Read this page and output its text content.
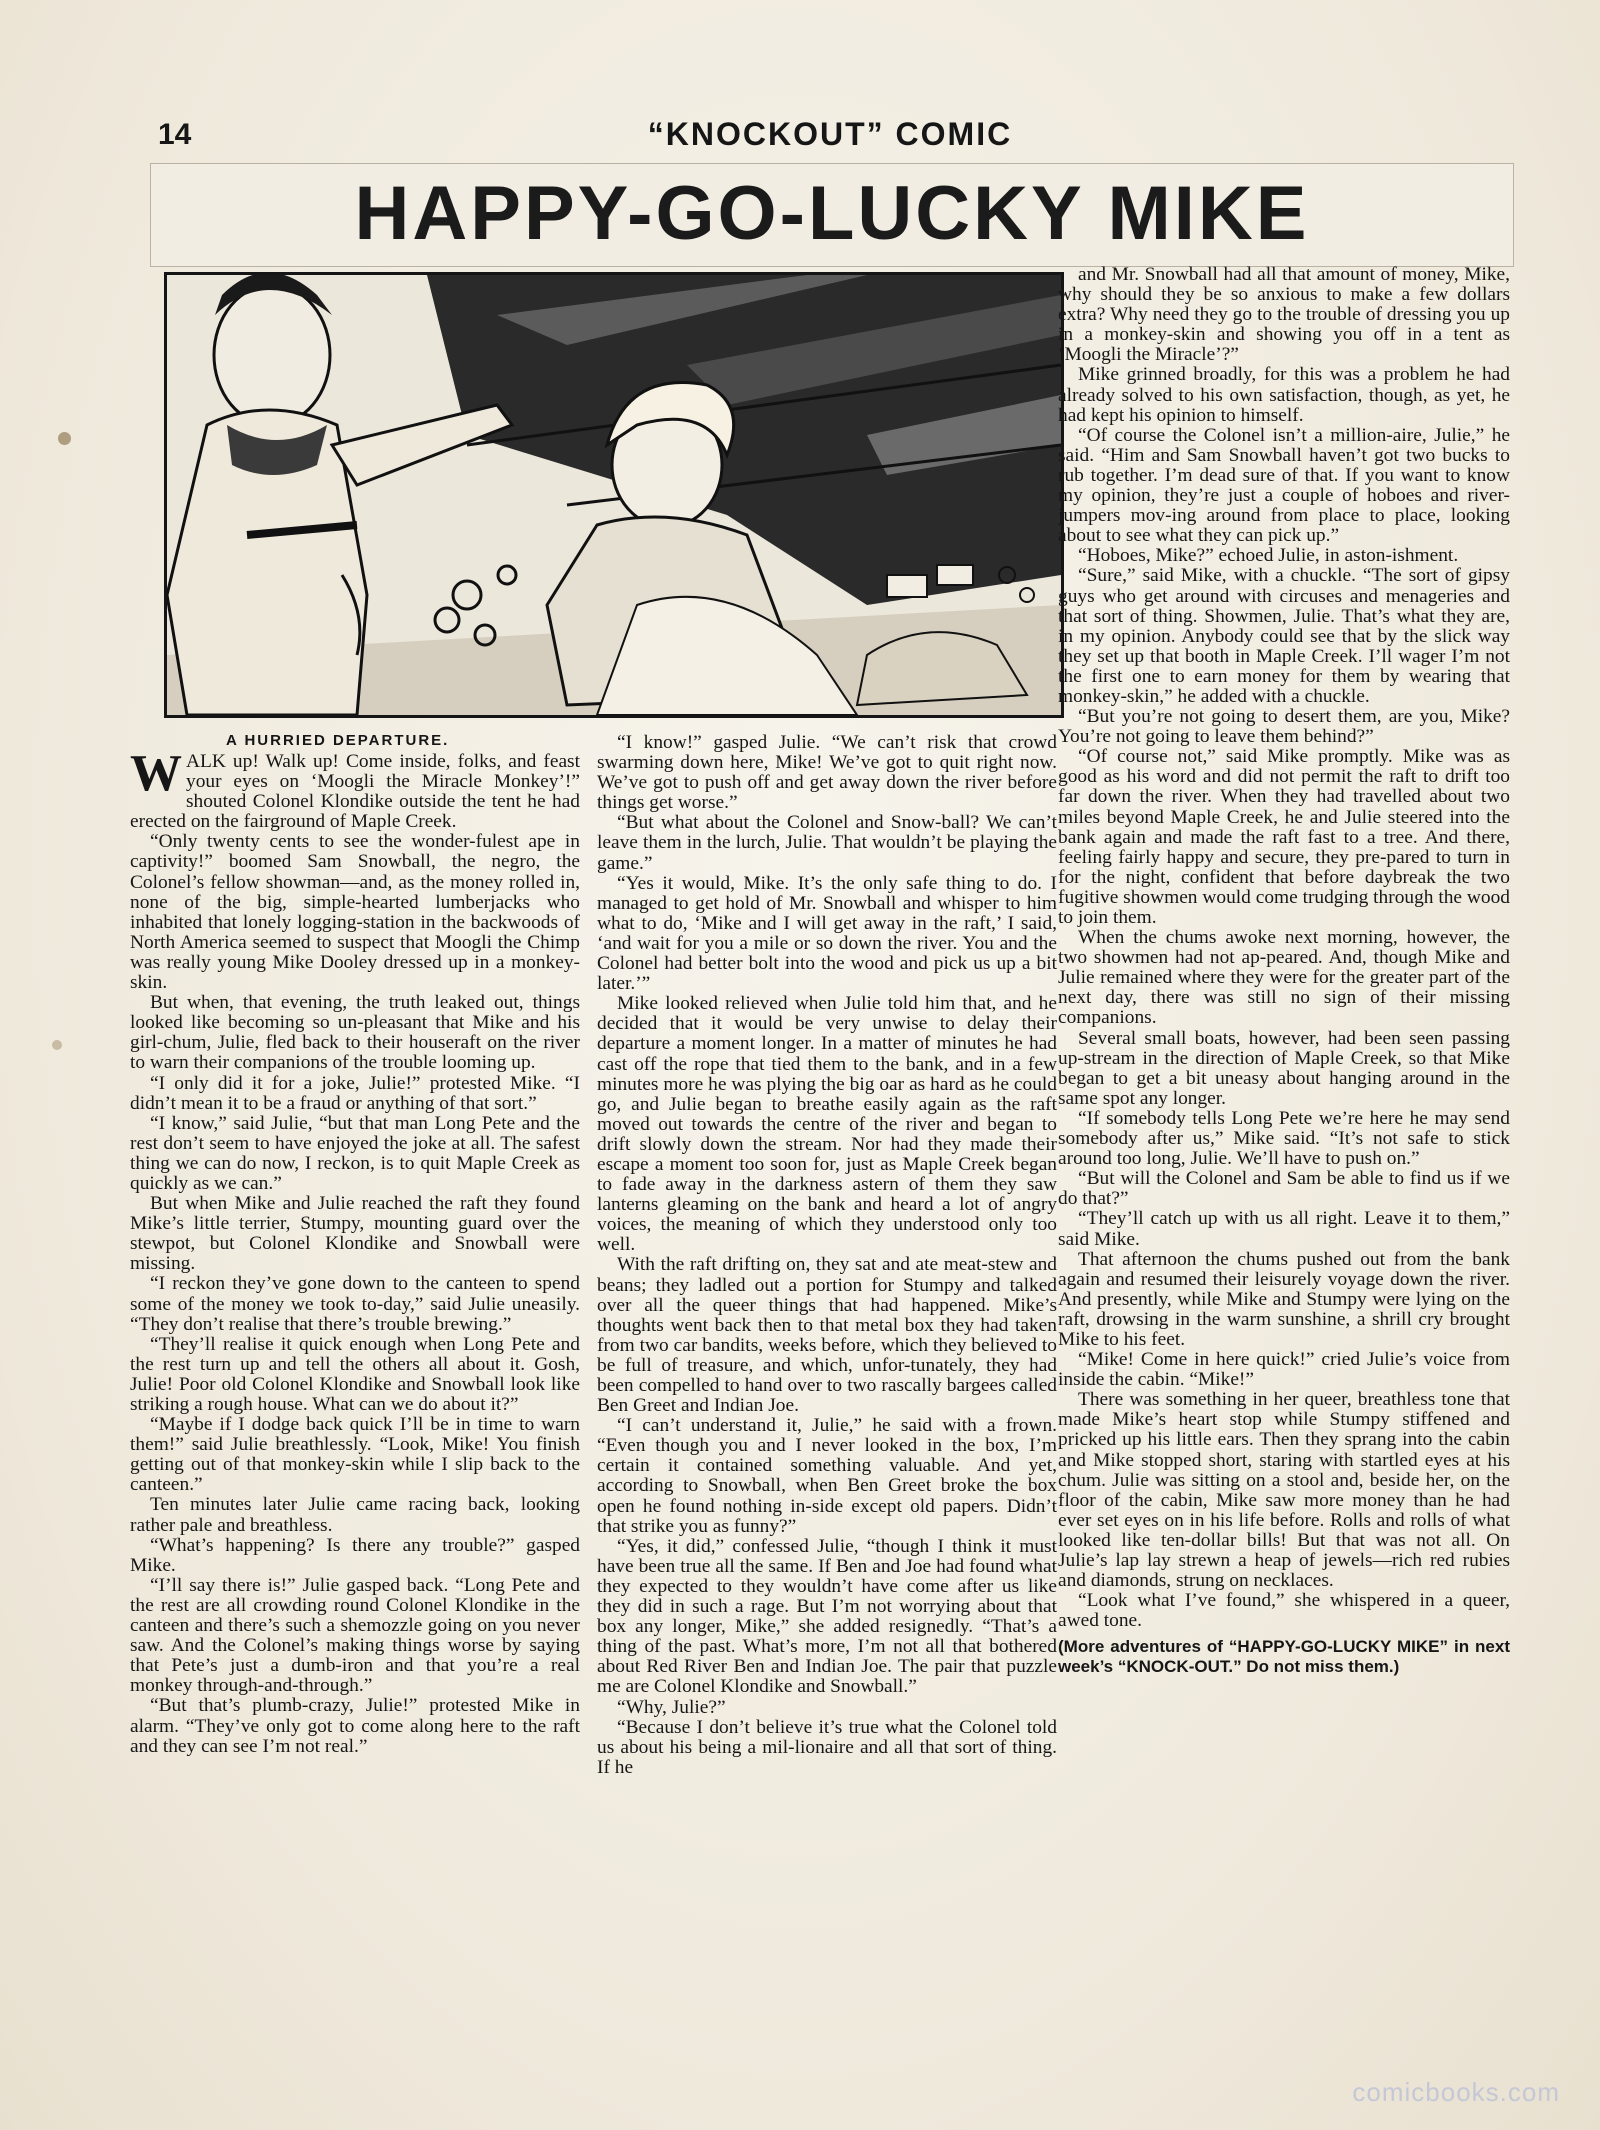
14	“KNOCKOUT” COMIC
HAPPY-GO-LUCKY MIKE
A HURRIED DEPARTURE.

WALK up! Walk up! Come inside, folks, and feast your eyes on ‘Moogli the Miracle Monkey’!” shouted Colonel Klondike outside the tent he had erected on the fairground of Maple Creek.

“Only twenty cents to see the wonder-fulest ape in captivity!” boomed Sam Snowball, the negro, the Colonel’s fellow showman—and, as the money rolled in, none of the big, simple-hearted lumberjacks who inhabited that lonely logging-station in the backwoods of North America seemed to suspect that Moogli the Chimp was really young Mike Dooley dressed up in a monkey-skin.

But when, that evening, the truth leaked out, things looked like becoming so un-pleasant that Mike and his girl-chum, Julie, fled back to their houseraft on the river to warn their companions of the trouble looming up.

“I only did it for a joke, Julie!” protested Mike. “I didn’t mean it to be a fraud or anything of that sort.”

“I know,” said Julie, “but that man Long Pete and the rest don’t seem to have enjoyed the joke at all. The safest thing we can do now, I reckon, is to quit Maple Creek as quickly as we can.”

But when Mike and Julie reached the raft they found Mike’s little terrier, Stumpy, mounting guard over the stewpot, but Colonel Klondike and Snowball were missing.

“I reckon they’ve gone down to the canteen to spend some of the money we took to-day,” said Julie uneasily. “They don’t realise that there’s trouble brewing.”

“They’ll realise it quick enough when Long Pete and the rest turn up and tell the others all about it. Gosh, Julie! Poor old Colonel Klondike and Snowball look like striking a rough house. What can we do about it?”

“Maybe if I dodge back quick I’ll be in time to warn them!” said Julie breathlessly. “Look, Mike! You finish getting out of that monkey-skin while I slip back to the canteen.”

Ten minutes later Julie came racing back, looking rather pale and breathless.

“What’s happening? Is there any trouble?” gasped Mike.

“I’ll say there is!” Julie gasped back. “Long Pete and the rest are all crowding round Colonel Klondike in the canteen and there’s such a shemozzle going on you never saw. And the Colonel’s making things worse by saying that Pete’s just a dumb-iron and that you’re a real monkey through-and-through.”

“But that’s plumb-crazy, Julie!” protested Mike in alarm. “They’ve only got to come along here to the raft and they can see I’m not real.”

“I know!” gasped Julie. “We can’t risk that crowd swarming down here, Mike! We’ve got to quit right now. We’ve got to push off and get away down the river before things get worse.”

“But what about the Colonel and Snow-ball? We can’t leave them in the lurch, Julie. That wouldn’t be playing the game.”

“Yes it would, Mike. It’s the only safe thing to do. I managed to get hold of Mr. Snowball and whisper to him what to do, ‘Mike and I will get away in the raft,’ I said, ‘and wait for you a mile or so down the river. You and the Colonel had better bolt into the wood and pick us up a bit later.’”

Mike looked relieved when Julie told him that, and he decided that it would be very unwise to delay their departure a moment longer. In a matter of minutes he had cast off the rope that tied them to the bank, and in a few minutes more he was plying the big oar as hard as he could go, and Julie began to breathe easily again as the raft moved out towards the centre of the river and began to drift slowly down the stream. Nor had they made their escape a moment too soon for, just as Maple Creek began to fade away in the darkness astern of them they saw lanterns gleaming on the bank and heard a lot of angry voices, the meaning of which they understood only too well.

With the raft drifting on, they sat and ate meat-stew and beans; they ladled out a portion for Stumpy and talked over all the queer things that had happened. Mike’s thoughts went back then to that metal box they had taken from two car bandits, weeks before, which they believed to be full of treasure, and which, unfor-tunately, they had been compelled to hand over to two rascally bargees called Ben Greet and Indian Joe.

“I can’t understand it, Julie,” he said with a frown. “Even though you and I never looked in the box, I’m certain it contained something valuable. And yet, according to Snowball, when Ben Greet broke the box open he found nothing in-side except old papers. Didn’t that strike you as funny?”

“Yes, it did,” confessed Julie, “though I think it must have been true all the same. If Ben and Joe had found what they expected to they wouldn’t have come after us like they did in such a rage. But I’m not worrying about that box any longer, Mike,” she added resignedly. “That’s a thing of the past. What’s more, I’m not all that bothered about Red River Ben and Indian Joe. The pair that puzzle me are Colonel Klondike and Snowball.”

“Why, Julie?”

“Because I don’t believe it’s true what the Colonel told us about his being a mil-lionaire and all that sort of thing. If he

and Mr. Snowball had all that amount of money, Mike, why should they be so anxious to make a few dollars extra? Why need they go to the trouble of dressing you up in a monkey-skin and showing you off in a tent as ‘Moogli the Miracle’?”

Mike grinned broadly, for this was a problem he had already solved to his own satisfaction, though, as yet, he had kept his opinion to himself.

“Of course the Colonel isn’t a million-aire, Julie,” he said. “Him and Sam Snowball haven’t got two bucks to rub together. I’m dead sure of that. If you want to know my opinion, they’re just a couple of hoboes and river-jumpers mov-ing around from place to place, looking about to see what they can pick up.”

“Hoboes, Mike?” echoed Julie, in aston-ishment.

“Sure,” said Mike, with a chuckle. “The sort of gipsy guys who get around with circuses and menageries and that sort of thing. Showmen, Julie. That’s what they are, in my opinion. Anybody could see that by the slick way they set up that booth in Maple Creek. I’ll wager I’m not the first one to earn money for them by wearing that monkey-skin,” he added with a chuckle.

“But you’re not going to desert them, are you, Mike? You’re not going to leave them behind?”

“Of course not,” said Mike promptly. Mike was as good as his word and did not permit the raft to drift too far down the river. When they had travelled about two miles beyond Maple Creek, he and Julie steered into the bank again and made the raft fast to a tree. And there, feeling fairly happy and secure, they pre-pared to turn in for the night, confident that before daybreak the two fugitive showmen would come trudging through the wood to join them.

When the chums awoke next morning, however, the two showmen had not ap-peared. And, though Mike and Julie remained where they were for the greater part of the next day, there was still no sign of their missing companions.

Several small boats, however, had been seen passing up-stream in the direction of Maple Creek, so that Mike began to get a bit uneasy about hanging around in the same spot any longer.

“If somebody tells Long Pete we’re here he may send somebody after us,” Mike said. “It’s not safe to stick around too long, Julie. We’ll have to push on.”

“But will the Colonel and Sam be able to find us if we do that?”

“They’ll catch up with us all right. Leave it to them,” said Mike.

That afternoon the chums pushed out from the bank again and resumed their leisurely voyage down the river. And presently, while Mike and Stumpy were lying on the raft, drowsing in the warm sunshine, a shrill cry brought Mike to his feet.

“Mike! Come in here quick!” cried Julie’s voice from inside the cabin. “Mike!”

There was something in her queer, breathless tone that made Mike’s heart stop while Stumpy stiffened and pricked up his little ears. Then they sprang into the cabin and Mike stopped short, staring with startled eyes at his chum. Julie was sitting on a stool and, beside her, on the floor of the cabin, Mike saw more money than he had ever set eyes on in his life before. Rolls and rolls of what looked like ten-dollar bills! But that was not all. On Julie’s lap lay strewn a heap of jewels—rich red rubies and diamonds, strung on necklaces.

“Look what I’ve found,” she whispered in a queer, awed tone.

(More adventures of “HAPPY-GO-LUCKY MIKE” in next week’s “KNOCK-OUT.” Do not miss them.)

comicbooks.com
